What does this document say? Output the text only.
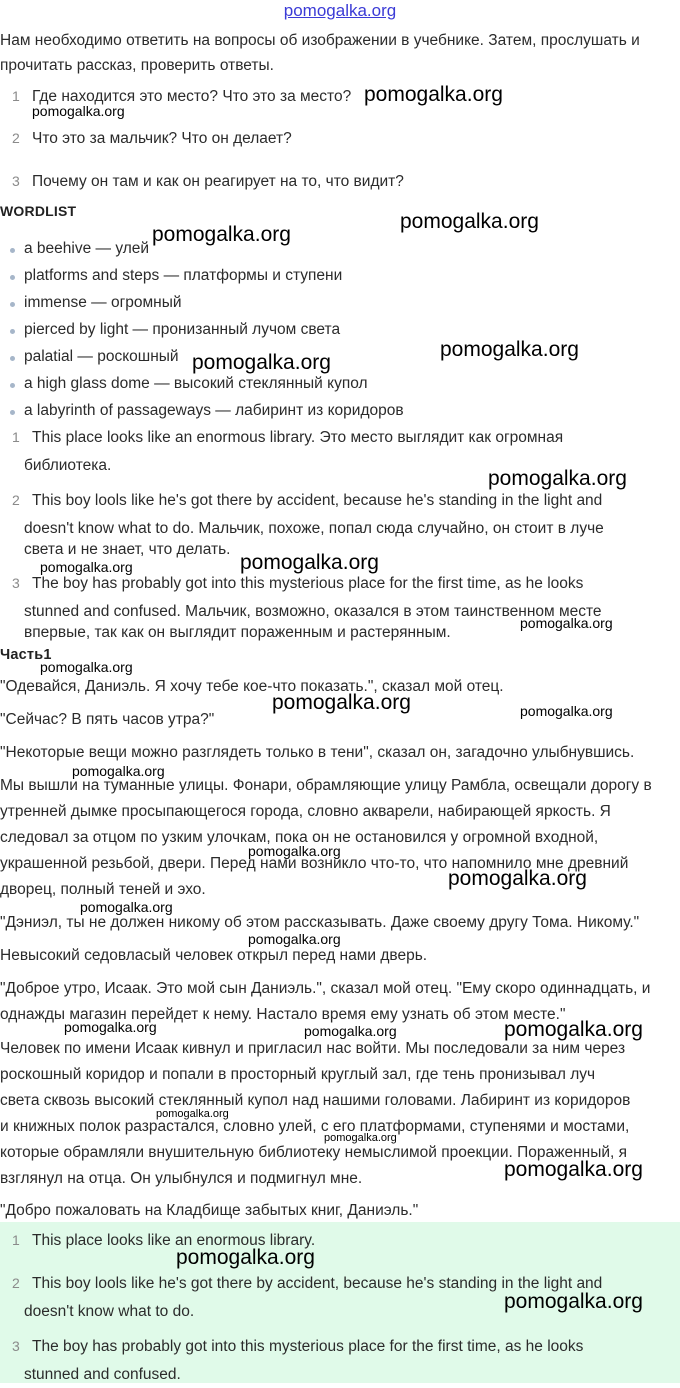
pomogalka.org
Нам необходимо ответить на вопросы об изображении в учебнике. Затем, прослушать и
прочитать рассказ, проверить ответы.
1 Где находится это место? Что это за место?
2 Что это за мальчик? Что он делает?
3 Почему он там и как он реагирует на то, что видит?
WORDLIST
a beehive — улей
platforms and steps — платформы и ступени
immense — огромный
pierced by light — пронизанный лучом света
palatial — роскошный
a high glass dome — высокий стеклянный купол
a labyrinth of passageways — лабиринт из коридоров
1 This place looks like an enormous library. Это место выглядит как огромная
библиотека.
2 This boy lools like he's got there by accident, because he's standing in the light and
doesn't know what to do. Мальчик, похоже, попал сюда случайно, он стоит в луче
света и не знает, что делать.
3 The boy has probably got into this mysterious place for the first time, as he looks
stunned and confused. Мальчик, возможно, оказался в этом таинственном месте
впервые, так как он выглядит пораженным и растерянным.
Часть1
"Одевайся, Даниэль. Я хочу тебе кое-что показать.", сказал мой отец.
"Сейчас? В пять часов утра?"
"Некоторые вещи можно разглядеть только в тени", сказал он, загадочно улыбнувшись.
Мы вышли на туманные улицы. Фонари, обрамляющие улицу Рамбла, освещали дорогу в
утренней дымке просыпающегося города, словно акварели, набирающей яркость. Я
следовал за отцом по узким улочкам, пока он не остановился у огромной входной,
украшенной резьбой, двери. Перед нами возникло что-то, что напомнило мне древний
дворец, полный теней и эхо.
"Дэниэл, ты не должен никому об этом рассказывать. Даже своему другу Тома. Никому."
Невысокий седовласый человек открыл перед нами дверь.
"Доброе утро, Исаак. Это мой сын Даниэль.", сказал мой отец. "Ему скоро одиннадцать, и
однажды магазин перейдет к нему. Настало время ему узнать об этом месте."
Человек по имени Исаак кивнул и пригласил нас войти. Мы последовали за ним через
роскошный коридор и попали в просторный круглый зал, где тень пронизывал луч
света сквозь высокий стеклянный купол над нашими головами. Лабиринт из коридоров
и книжных полок разрастался, словно улей, с его платформами, ступенями и мостами,
которые обрамляли внушительную библиотеку немыслимой проекции. Пораженный, я
взглянул на отца. Он улыбнулся и подмигнул мне.
"Добро пожаловать на Кладбище забытых книг, Даниэль."
1 This place looks like an enormous library.
2 This boy lools like he's got there by accident, because he's standing in the light and
doesn't know what to do.
3 The boy has probably got into this mysterious place for the first time, as he looks
stunned and confused.
pomogalka.org
pomogalka.org
pomogalka.org
pomogalka.org
pomogalka.org
pomogalka.org
pomogalka.org
pomogalka.org
pomogalka.org
pomogalka.org
pomogalka.org
pomogalka.org	pomogalka.org
pomogalka.org
pomogalka.org
pomogalka.org
pomogalka.org
pomogalka.org
pomogalka.org	pomogalka.org	pomogalka.org
pomogalka.org
pomogalka.org
pomogalka.org
pomogalka.org
pomogalka.org
